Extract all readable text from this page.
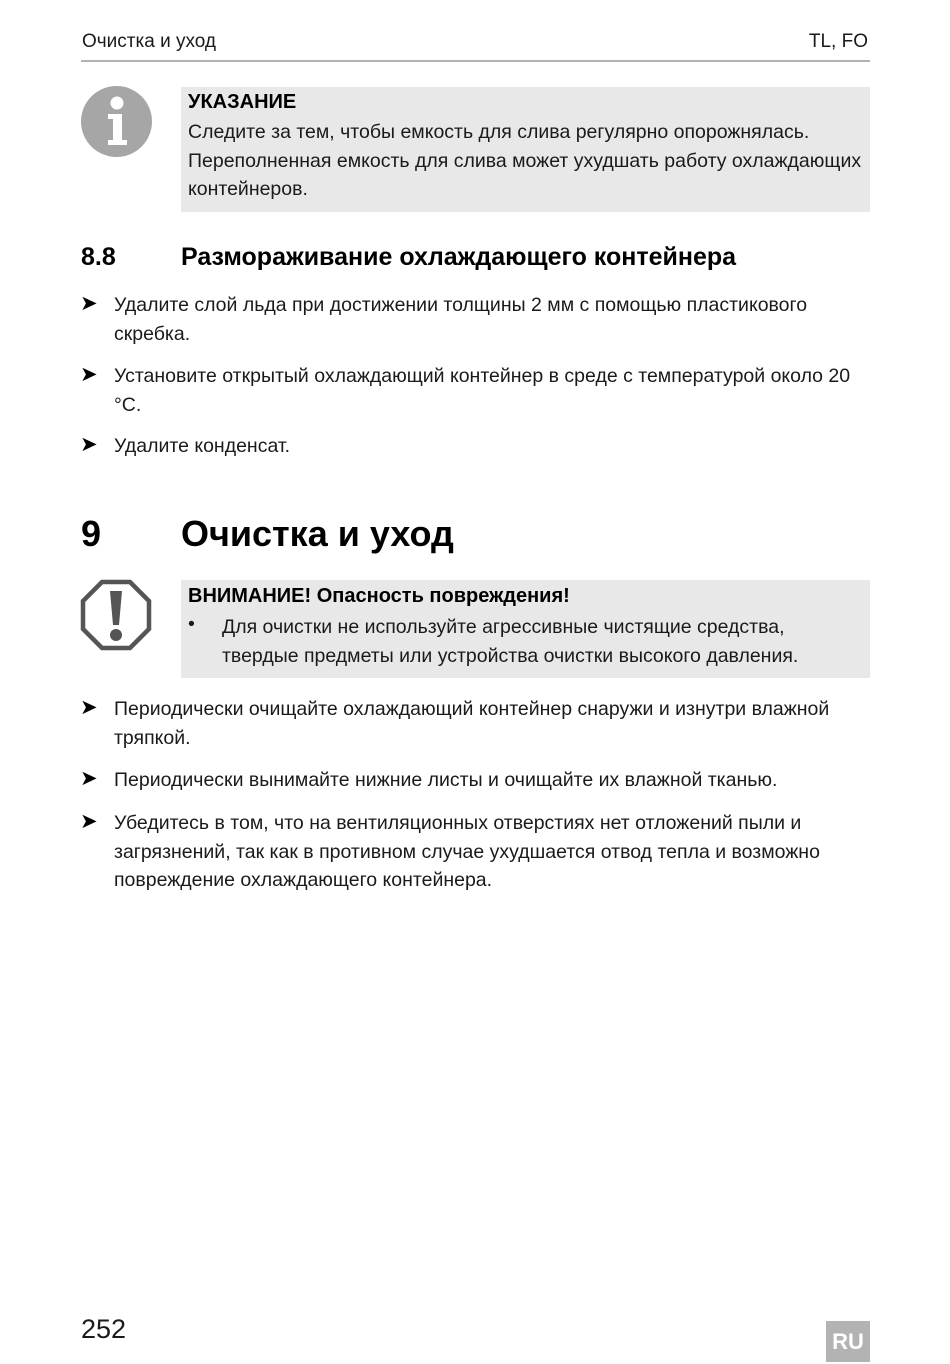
Очистка и уход	TL, FO
УКАЗАНИЕ
Следите за тем, чтобы емкость для слива регулярно опорожнялась. Переполненная емкость для слива может ухудшать работу охлаждающих контейнеров.
8.8	Размораживание охлаждающего контейнера
➤ Удалите слой льда при достижении толщины 2 мм с помощью пластикового скребка.
➤ Установите открытый охлаждающий контейнер в среде с температурой около 20 °C.
➤ Удалите конденсат.
9 Очистка и уход
ВНИМАНИЕ! Опасность повреждения!
• Для очистки не используйте агрессивные чистящие средства, твердые предметы или устройства очистки высокого давления.
➤ Периодически очищайте охлаждающий контейнер снаружи и изнутри влажной тряпкой.
➤ Периодически вынимайте нижние листы и очищайте их влажной тканью.
➤ Убедитесь в том, что на вентиляционных отверстиях нет отложений пыли и загрязнений, так как в противном случае ухудшается отвод тепла и возможно повреждение охлаждающего контейнера.
252	RU
